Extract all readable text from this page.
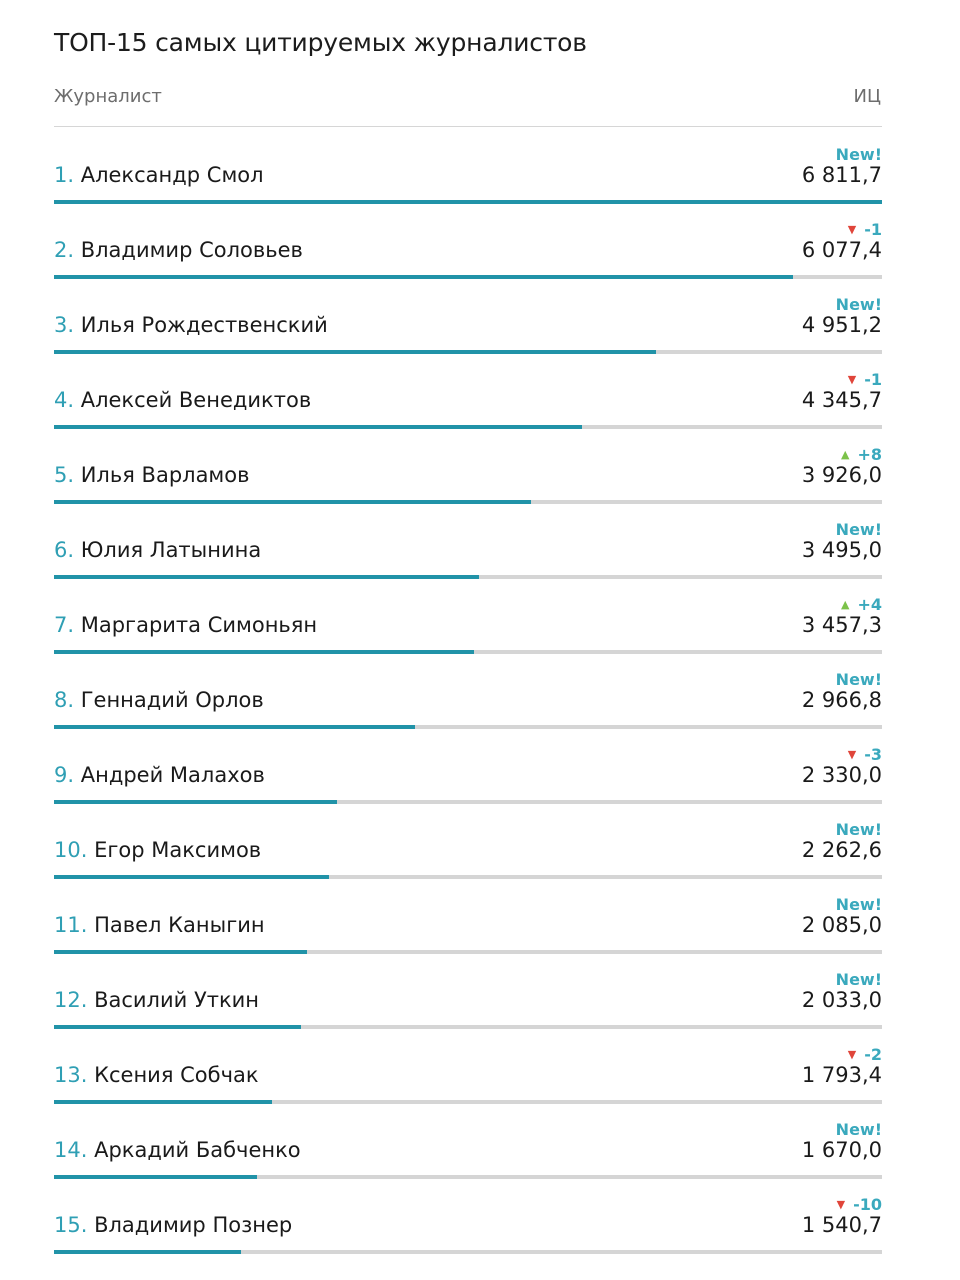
ТОП-15 самых цитируемых журналистов
Журналист	ИЦ
1. Александр Смол
New!
6 811,7
2. Владимир Соловьев
▼ -1
6 077,4
3. Илья Рождественский
New!
4 951,2
4. Алексей Венедиктов
▼ -1
4 345,7
5. Илья Варламов
▲ +8
3 926,0
6. Юлия Латынина
New!
3 495,0
7. Маргарита Симоньян
▲ +4
3 457,3
8. Геннадий Орлов
New!
2 966,8
9. Андрей Малахов
▼ -3
2 330,0
10. Егор Максимов
New!
2 262,6
11. Павел Каныгин
New!
2 085,0
12. Василий Уткин
New!
2 033,0
13. Ксения Собчак
▼ -2
1 793,4
14. Аркадий Бабченко
New!
1 670,0
15. Владимир Познер
▼ -10
1 540,7
